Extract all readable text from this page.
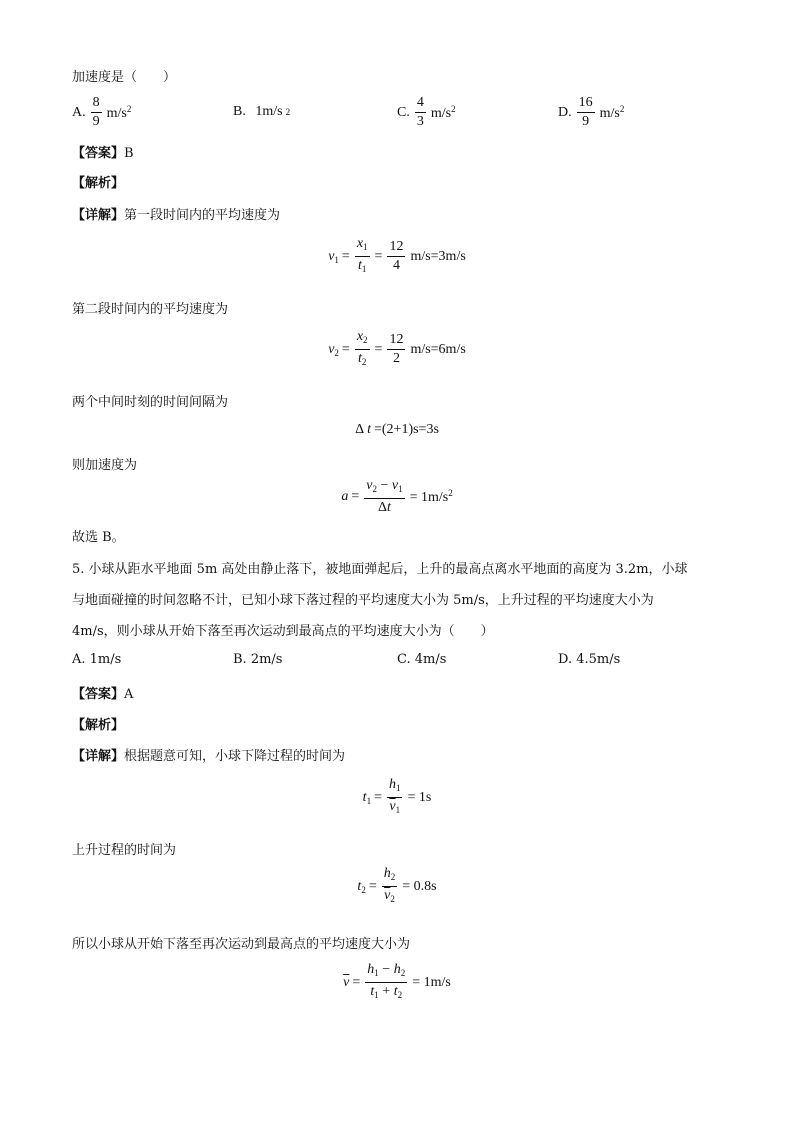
加速度是（　　）
A. $\frac{8}{9} m/s^2$	B.
1m/s 2	C. $\frac{4}{3} m/s^2$	D. $\frac{16}{9} m/s^2$
【答案】B
【解析】
【详解】第一段时间内的平均速度为
$v_1 = \frac{x_1}{t_1} = \frac{12}{4} m/s=3m/s$
第二段时间内的平均速度为
$v_2 = \frac{x_2}{t_2} = \frac{12}{2} m/s=6m/s$
两个中间时刻的时间间隔为
Δ t =(2+1)s=3s
则加速度为
$a = \frac{v_2 - v_1}{\Delta t} = 1m/s^2$
故选 B。
5. 小球从距水平地面 5m 高处由静止落下，被地面弹起后，上升的最高点离水平地面的高度为 3.2m，小球
与地面碰撞的时间忽略不计，已知小球下落过程的平均速度大小为 5m/s，上升过程的平均速度大小为
4m/s，则小球从开始下落至再次运动到最高点的平均速度大小为（　　）
A. 1m/s	B. 2m/s	C. 4m/s	D. 4.5m/s
【答案】A
【解析】
【详解】根据题意可知，小球下降过程的时间为
$t_1 = \frac{h_1}{\overline{v}_1} = 1s$
上升过程的时间为
$t_2 = \frac{h_2}{\overline{v}_2} = 0.8s$
所以小球从开始下落至再次运动到最高点的平均速度大小为
$\overline{v} = \frac{h_1 - h_2}{t_1 + t_2} = 1m/s$
